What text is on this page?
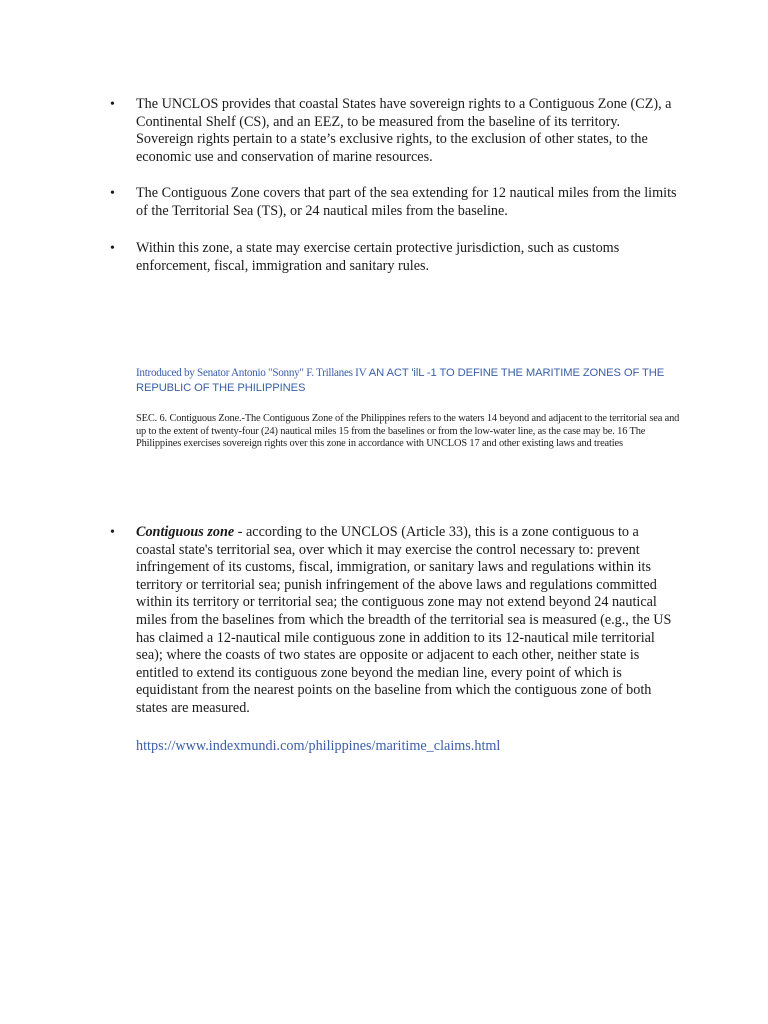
•	The UNCLOS provides that coastal States have sovereign rights to a Contiguous Zone (CZ), a Continental Shelf (CS), and an EEZ, to be measured from the baseline of its territory. Sovereign rights pertain to a state’s exclusive rights, to the exclusion of other states, to the economic use and conservation of marine resources.
•	The Contiguous Zone covers that part of the sea extending for 12 nautical miles from the limits of the Territorial Sea (TS), or 24 nautical miles from the baseline.
•	Within this zone, a state may exercise certain protective jurisdiction, such as customs enforcement, fiscal, immigration and sanitary rules.
Introduced by Senator Antonio "Sonny" F. Trillanes IV AN ACT 'ilL -1 TO DEFINE THE MARITIME ZONES OF THE REPUBLIC OF THE PHILIPPINES
SEC. 6. Contiguous Zone.-The Contiguous Zone of the Philippines refers to the waters 14 beyond and adjacent to the territorial sea and up to the extent of twenty-four (24) nautical miles 15 from the baselines or from the low-water line, as the case may be. 16 The Philippines exercises sovereign rights over this zone in accordance with UNCLOS 17 and other existing laws and treaties
•	Contiguous zone - according to the UNCLOS (Article 33), this is a zone contiguous to a coastal state's territorial sea, over which it may exercise the control necessary to: prevent infringement of its customs, fiscal, immigration, or sanitary laws and regulations within its territory or territorial sea; punish infringement of the above laws and regulations committed within its territory or territorial sea; the contiguous zone may not extend beyond 24 nautical miles from the baselines from which the breadth of the territorial sea is measured (e.g., the US has claimed a 12-nautical mile contiguous zone in addition to its 12-nautical mile territorial sea); where the coasts of two states are opposite or adjacent to each other, neither state is entitled to extend its contiguous zone beyond the median line, every point of which is equidistant from the nearest points on the baseline from which the contiguous zone of both states are measured.
https://www.indexmundi.com/philippines/maritime_claims.html
